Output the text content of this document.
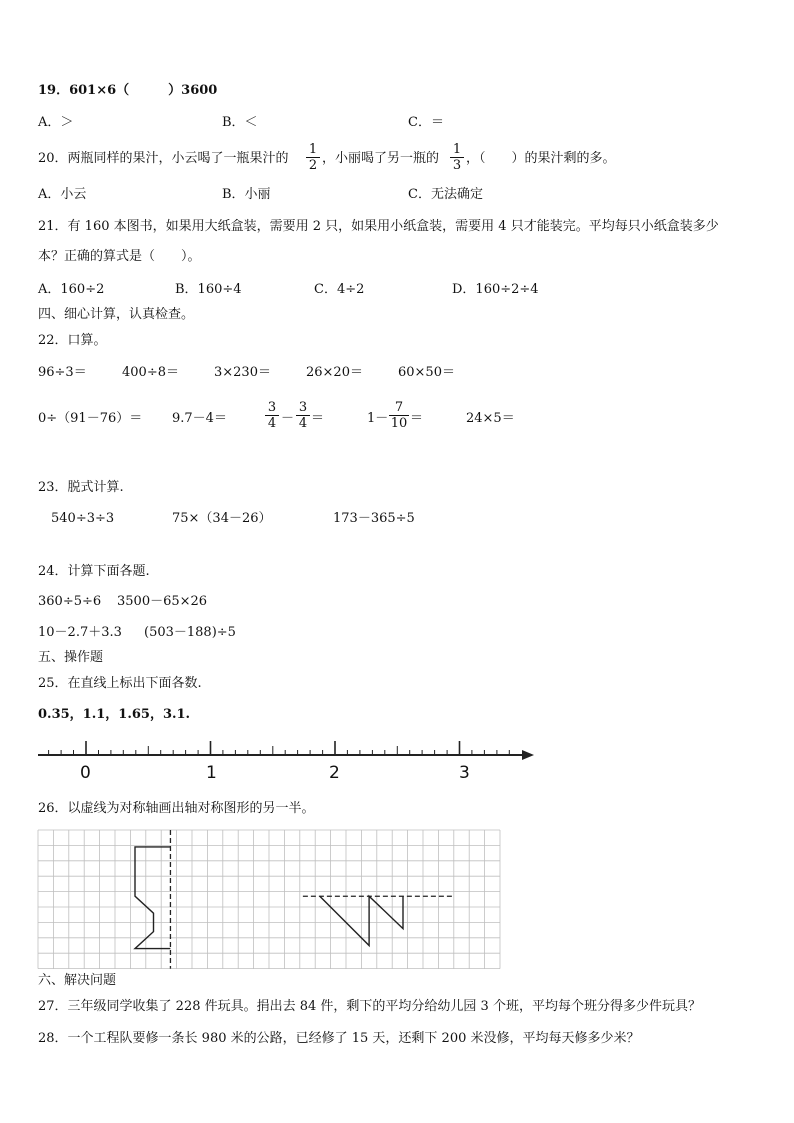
19．601×6（　　　）3600
A．＞	B．＜	C．＝
20．两瓶同样的果汁，小云喝了一瓶果汁的
1
2 ，小丽喝了另一瓶的
1
3 ，（　　）的果汁剩的多。
A．小云	B．小丽	C．无法确定
21．有 160 本图书，如果用大纸盒装，需要用 2 只，如果用小纸盒装，需要用 4 只才能装完。平均每只小纸盒装多少
本？正确的算式是（　　）。
A．160÷2	B．160÷4	C．4÷2	D．160÷2÷4
四、细心计算，认真检查。
22．口算。
96÷3＝	400÷8＝	3×230＝	26×20＝	60×50＝
0÷（91－76）＝ 9.7－4＝
3
4 －
3
4 ＝	1－
7
10 ＝	24×5＝
23．脱式计算.
540÷3÷3	75×（34－26）	173－365÷5
24．计算下面各题.
360÷5÷6 3500－65×26
10－2.7＋3.3 (503－188)÷5
五、操作题
25．在直线上标出下面各数.
0.35，1.1，1.65，3.1.
0	1	2	3
26．以虚线为对称轴画出轴对称图形的另一半。
六、解决问题
27．三年级同学收集了 228 件玩具。捐出去 84 件，剩下的平均分给幼儿园 3 个班，平均每个班分得多少件玩具？
28．一个工程队要修一条长 980 米的公路，已经修了 15 天，还剩下 200 米没修，平均每天修多少米？
